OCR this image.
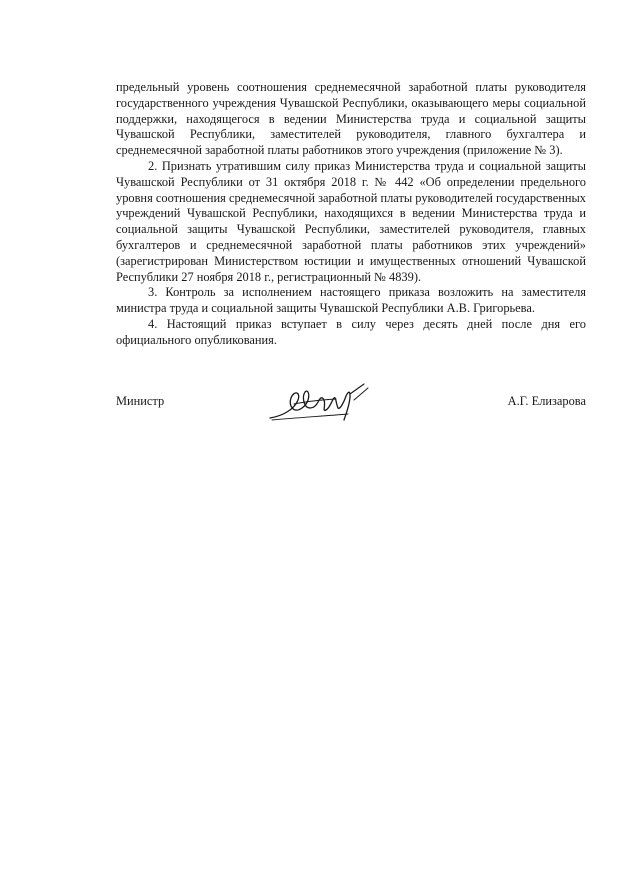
предельный уровень соотношения среднемесячной заработной платы руководителя государственного учреждения Чувашской Республики, оказывающего меры социальной поддержки, находящегося в ведении Министерства труда и социальной защиты Чувашской Республики, заместителей руководителя, главного бухгалтера и среднемесячной заработной платы работников этого учреждения (приложение № 3).

2. Признать утратившим силу приказ Министерства труда и социальной защиты Чувашской Республики от 31 октября 2018 г. № 442 «Об определении предельного уровня соотношения среднемесячной заработной платы руководителей государственных учреждений Чувашской Республики, находящихся в ведении Министерства труда и социальной защиты Чувашской Республики, заместителей руководителя, главных бухгалтеров и среднемесячной заработной платы работников этих учреждений» (зарегистрирован Министерством юстиции и имущественных отношений Чувашской Республики 27 ноября 2018 г., регистрационный № 4839).

3. Контроль за исполнением настоящего приказа возложить на заместителя министра труда и социальной защиты Чувашской Республики А.В. Григорьева.

4. Настоящий приказ вступает в силу через десять дней после дня его официального опубликования.

Министр	А.Г. Елизарова
